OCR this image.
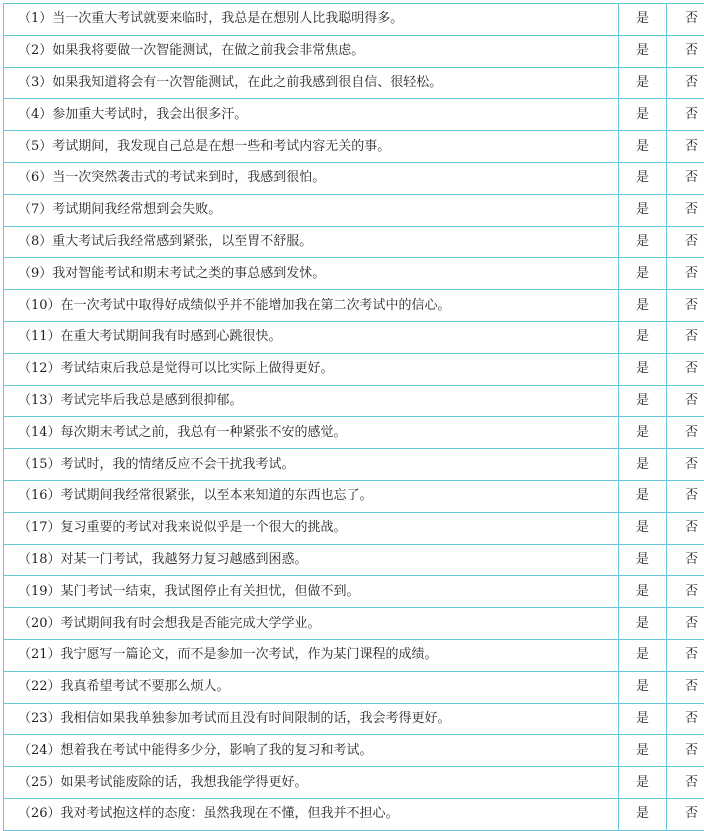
（1）当一次重大考试就要来临时，我总是在想别人比我聪明得多。	是	否
（2）如果我将要做一次智能测试，在做之前我会非常焦虑。	是	否
（3）如果我知道将会有一次智能测试，在此之前我感到很自信、很轻松。	是	否
（4）参加重大考试时，我会出很多汗。	是	否
（5）考试期间，我发现自己总是在想一些和考试内容无关的事。	是	否
（6）当一次突然袭击式的考试来到时，我感到很怕。	是	否
（7）考试期间我经常想到会失败。	是	否
（8）重大考试后我经常感到紧张，以至胃不舒服。	是	否
（9）我对智能考试和期末考试之类的事总感到发怵。	是	否
（10）在一次考试中取得好成绩似乎并不能增加我在第二次考试中的信心。	是	否
（11）在重大考试期间我有时感到心跳很快。	是	否
（12）考试结束后我总是觉得可以比实际上做得更好。	是	否
（13）考试完毕后我总是感到很抑郁。	是	否
（14）每次期末考试之前，我总有一种紧张不安的感觉。	是	否
（15）考试时，我的情绪反应不会干扰我考试。	是	否
（16）考试期间我经常很紧张，以至本来知道的东西也忘了。	是	否
（17）复习重要的考试对我来说似乎是一个很大的挑战。	是	否
（18）对某一门考试，我越努力复习越感到困惑。	是	否
（19）某门考试一结束，我试图停止有关担忧，但做不到。	是	否
（20）考试期间我有时会想我是否能完成大学学业。	是	否
（21）我宁愿写一篇论文，而不是参加一次考试，作为某门课程的成绩。	是	否
（22）我真希望考试不要那么烦人。	是	否
（23）我相信如果我单独参加考试而且没有时间限制的话，我会考得更好。	是	否
（24）想着我在考试中能得多少分，影响了我的复习和考试。	是	否
（25）如果考试能废除的话，我想我能学得更好。	是	否
（26）我对考试抱这样的态度：虽然我现在不懂，但我并不担心。	是	否
